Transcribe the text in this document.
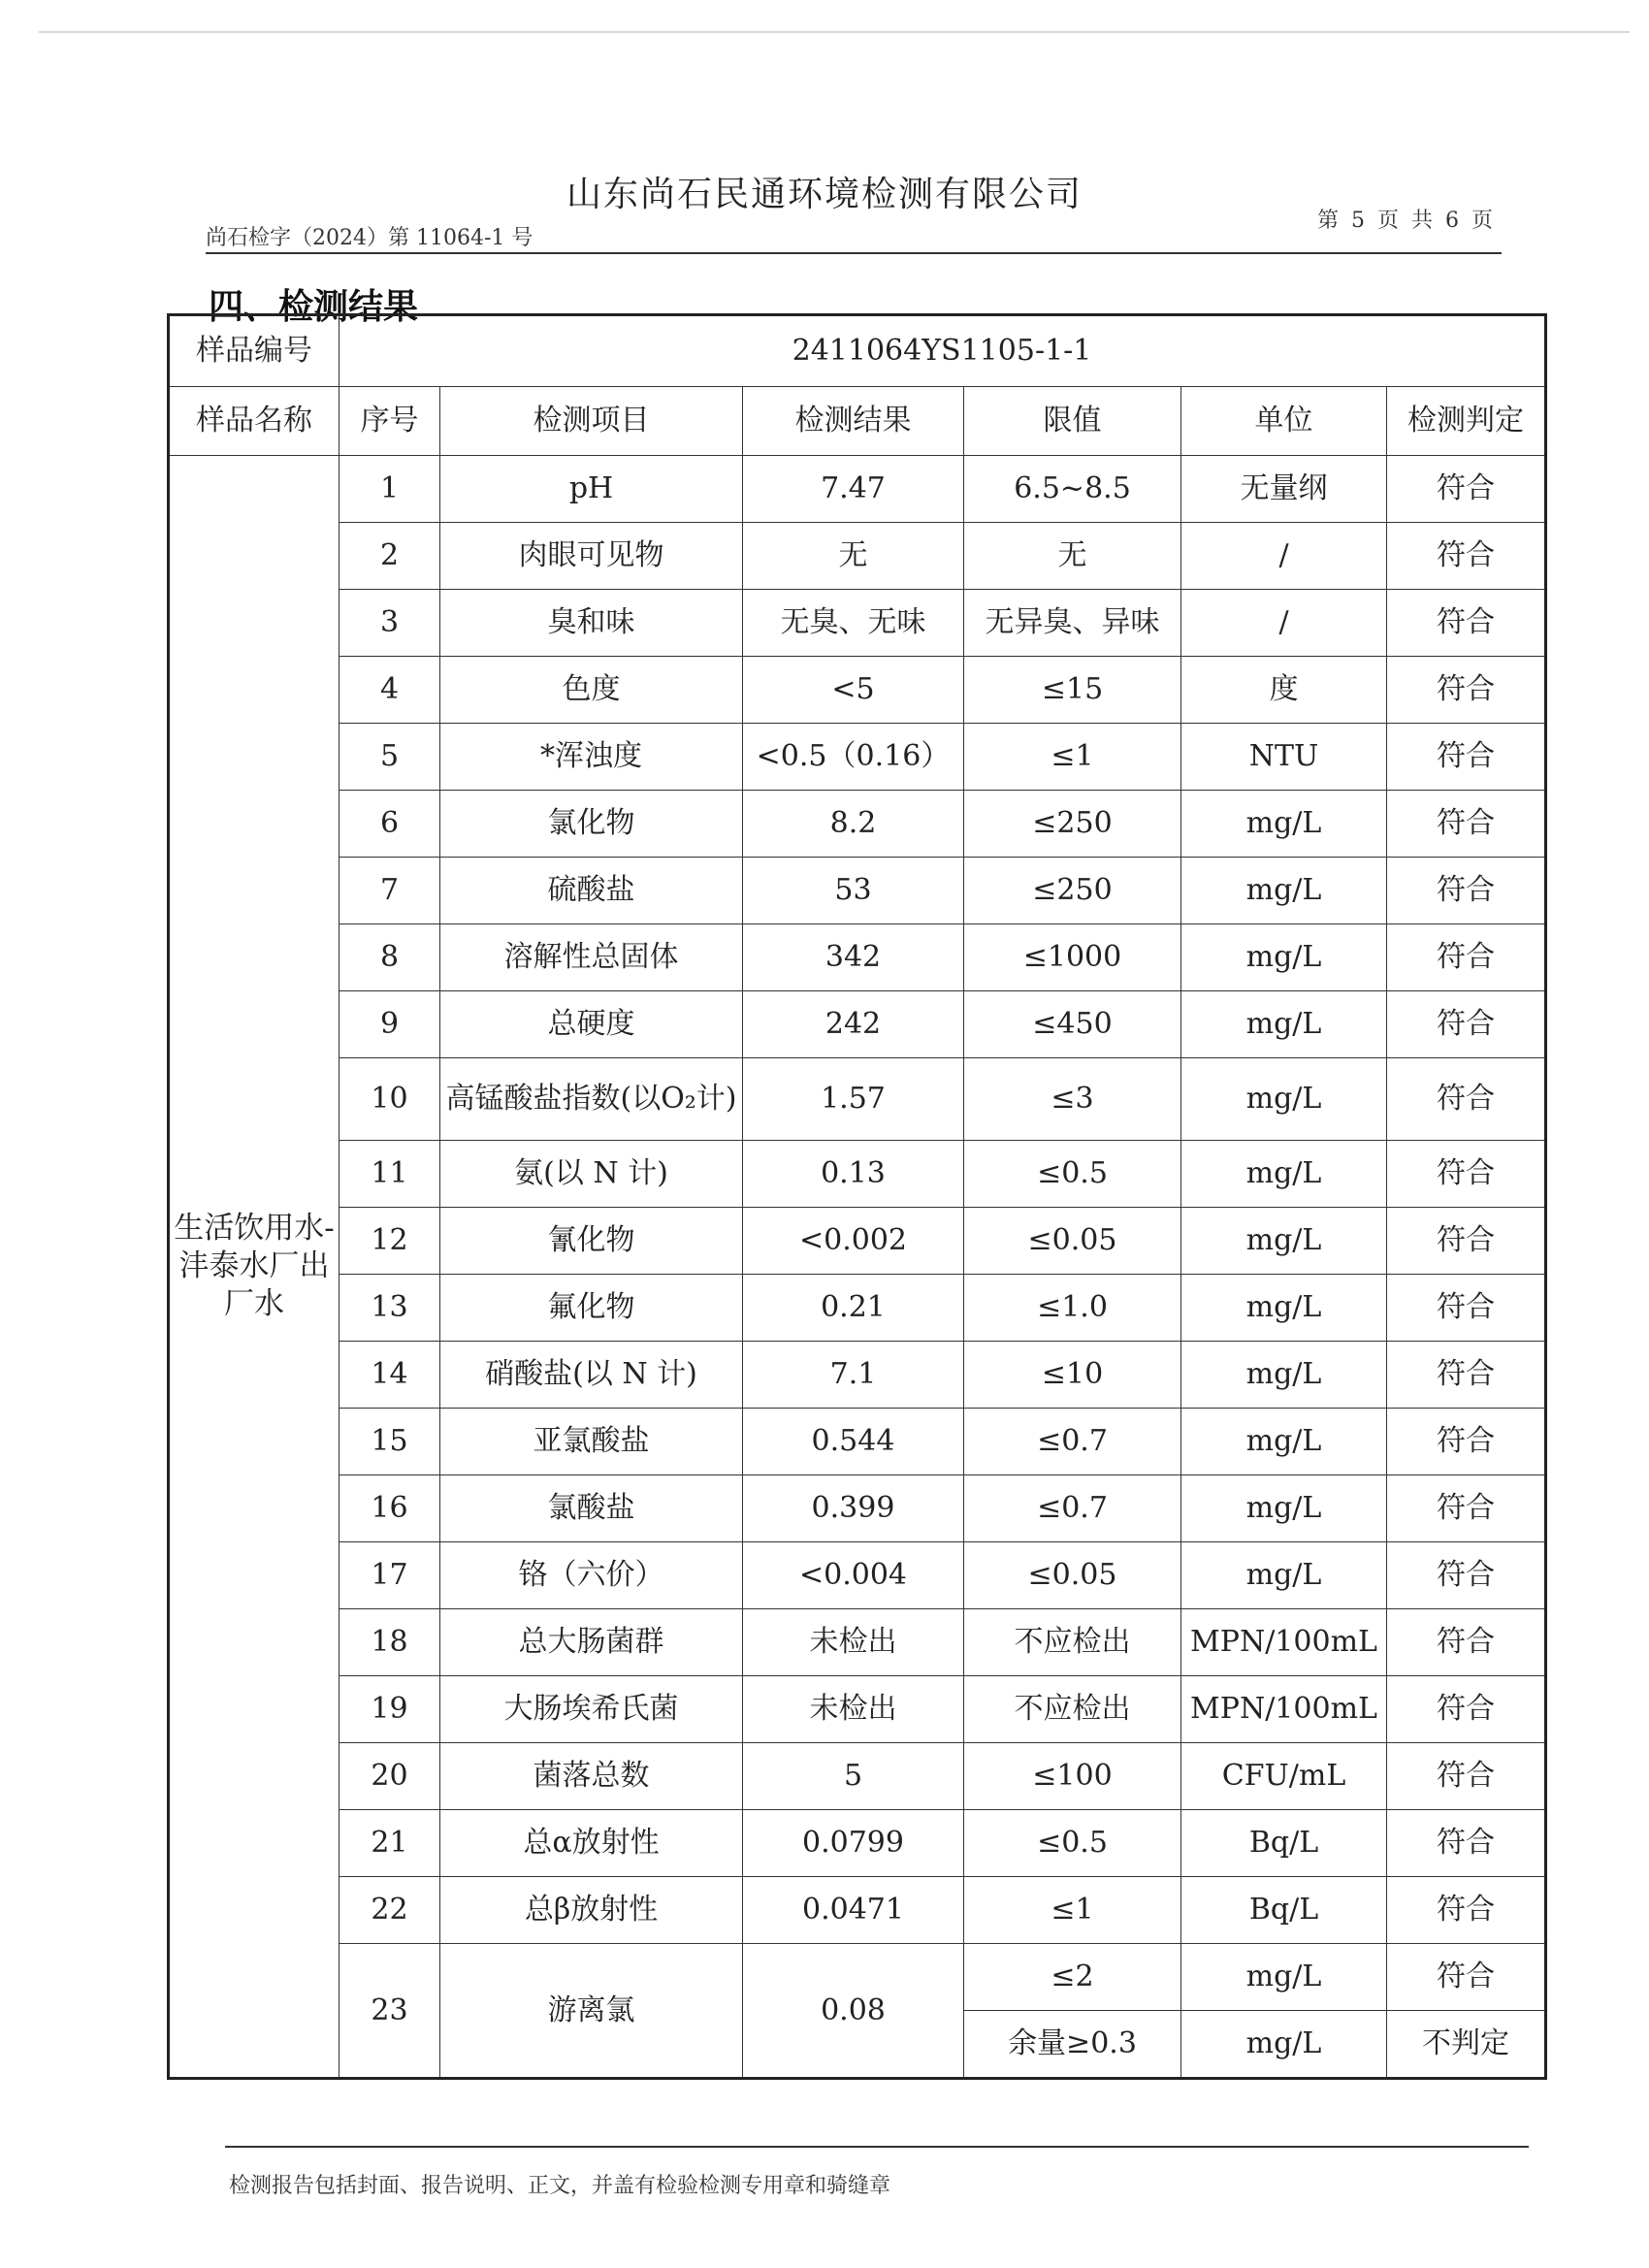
山东尚石民通环境检测有限公司
尚石检字（2024）第 11064-1 号
第 5 页 共 6 页
四、检测结果
样品编号	2411064YS1105-1-1					
样品名称	序号	检测项目	检测结果	限值	单位	检测判定
生活饮用水-沣泰水厂出厂水	1	pH	7.47	6.5~8.5	无量纲	符合
	2	肉眼可见物	无	无	/	符合
	3	臭和味	无臭、无味	无异臭、异味	/	符合
	4	色度	<5	≤15	度	符合
	5	*浑浊度	<0.5（0.16）	≤1	NTU	符合
	6	氯化物	8.2	≤250	mg/L	符合
	7	硫酸盐	53	≤250	mg/L	符合
	8	溶解性总固体	342	≤1000	mg/L	符合
	9	总硬度	242	≤450	mg/L	符合
	10	高锰酸盐指数(以O₂计)	1.57	≤3	mg/L	符合
	11	氨(以 N 计)	0.13	≤0.5	mg/L	符合
	12	氰化物	<0.002	≤0.05	mg/L	符合
	13	氟化物	0.21	≤1.0	mg/L	符合
	14	硝酸盐(以 N 计)	7.1	≤10	mg/L	符合
	15	亚氯酸盐	0.544	≤0.7	mg/L	符合
	16	氯酸盐	0.399	≤0.7	mg/L	符合
	17	铬（六价）	<0.004	≤0.05	mg/L	符合
	18	总大肠菌群	未检出	不应检出	MPN/100mL	符合
	19	大肠埃希氏菌	未检出	不应检出	MPN/100mL	符合
	20	菌落总数	5	≤100	CFU/mL	符合
	21	总α放射性	0.0799	≤0.5	Bq/L	符合
	22	总β放射性	0.0471	≤1	Bq/L	符合
	23	游离氯	0.08	≤2	mg/L	符合
				余量≥0.3	mg/L	不判定
检测报告包括封面、报告说明、正文，并盖有检验检测专用章和骑缝章
